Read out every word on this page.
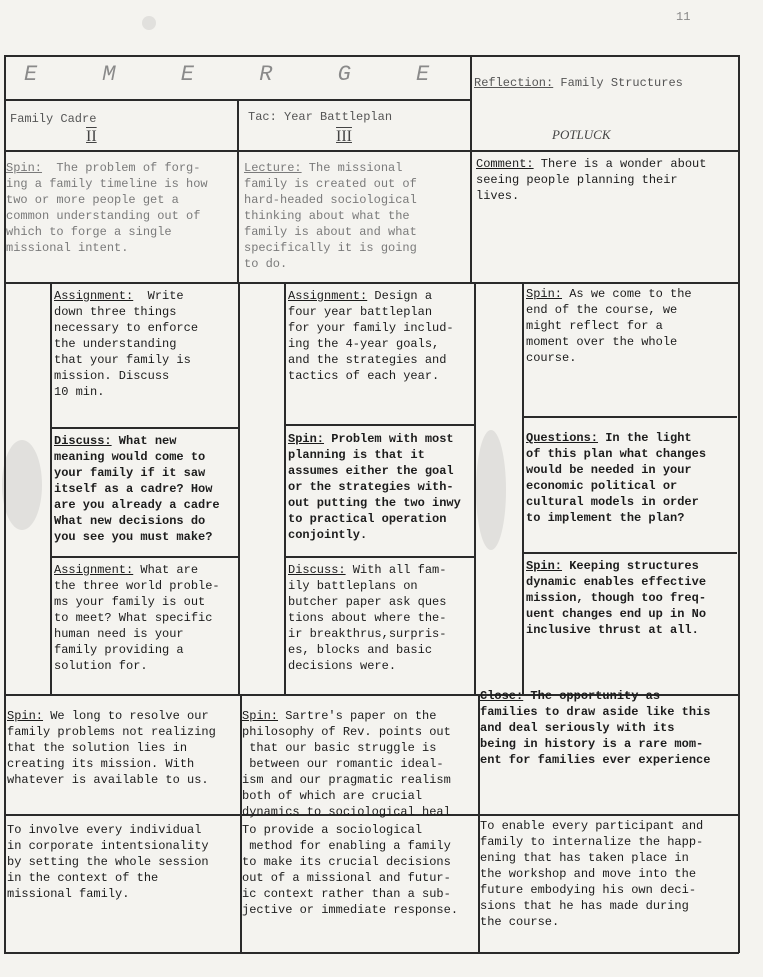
11
E M E R G E Reflection: Family Structures
Family Cadre
II
Tac: Year Battleplan
III	POTLUCK
Spin:  The problem of forg-
ing a family timeline is how
two or more people get a
common understanding out of
which to forge a single
missional intent.
Lecture: The missional
family is created out of
hard-headed sociological
thinking about what the
family is about and what
specifically it is going
to do.
Comment: There is a wonder about
seeing people planning their
lives.
Assignment:  Write
down three things
necessary to enforce
the understanding
that your family is
mission. Discuss
10 min.
Discuss: What new
meaning would come to
your family if it saw
itself as a cadre? How
are you already a cadre
What new decisions do
you see you must make?
Assignment: What are
the three world proble-
ms your family is out
to meet? What specific
human need is your
family providing a
solution for.
Assignment: Design a
four year battleplan
for your family includ-
ing the 4-year goals,
and the strategies and
tactics of each year.
Spin: Problem with most
planning is that it
assumes either the goal
or the strategies with-
out putting the two inwy
to practical operation
conjointly.
Discuss: With all fam-
ily battleplans on
butcher paper ask ques
tions about where the-
ir breakthrus,surpris-
es, blocks and basic
decisions were.
Spin: As we come to the
end of the course, we
might reflect for a
moment over the whole
course.
Questions: In the light
of this plan what changes
would be needed in your
economic political or
cultural models in order
to implement the plan?
Spin: Keeping structures
dynamic enables effective
mission, though too freq-
uent changes end up in No
inclusive thrust at all.
Spin: We long to resolve our
family problems not realizing
that the solution lies in
creating its mission. With
whatever is available to us.
Spin: Sartre's paper on the
philosophy of Rev. points out
that our basic struggle is
between our romantic ideal-
ism and our pragmatic realism
both of which are crucial
dynamics to sociological heal
Close: The opportunity as
families to draw aside like this
and deal seriously with its
being in history is a rare mom-
ent for families ever experience
To involve every individual
in corporate intentsionality
by setting the whole session
in the context of the
missional family.
To provide a sociological
method for enabling a family
to make its crucial decisions
out of a missional and futur-
ic context rather than a sub-
jective or immediate response.
To enable every participant and
family to internalize the happ-
ening that has taken place in
the workshop and move into the
future embodying his own deci-
sions that he has made during
the course.
